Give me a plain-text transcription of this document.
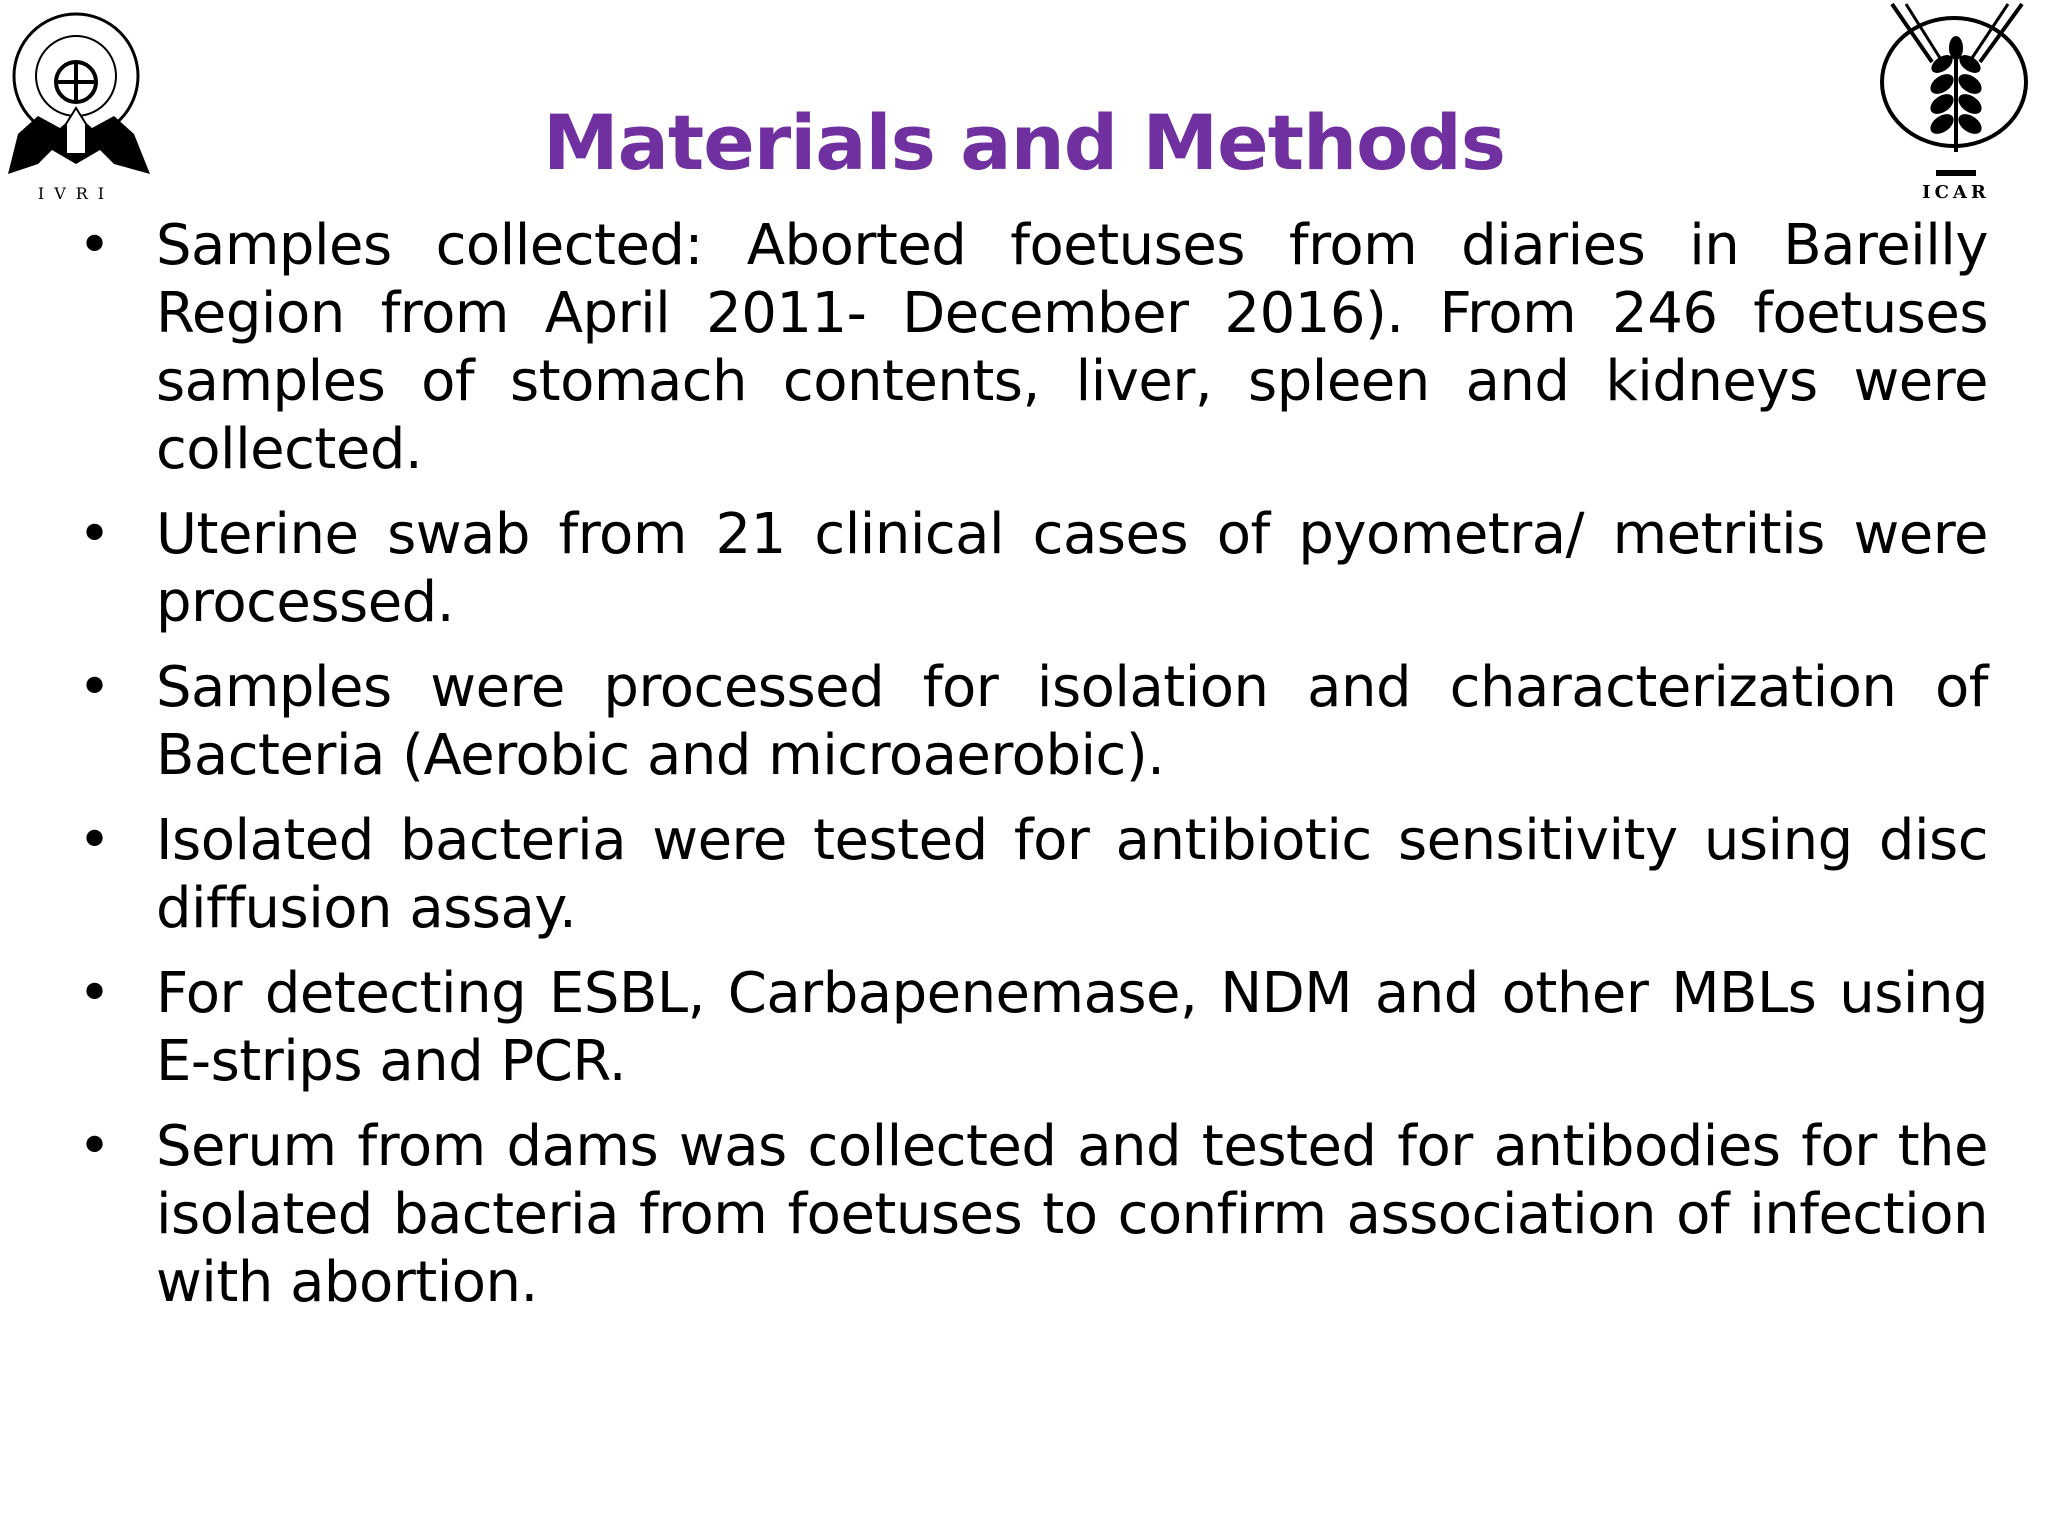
IVRI	ICAR
Materials and Methods
• Samples collected: Aborted foetuses from diaries in Bareilly Region from April 2011- December 2016). From 246 foetuses samples of stomach contents, liver, spleen and kidneys were collected.
• Uterine swab from 21 clinical cases of pyometra/ metritis were processed.
• Samples were processed for isolation and characterization of Bacteria (Aerobic and microaerobic).
• Isolated bacteria were tested for antibiotic sensitivity using disc diffusion assay.
• For detecting ESBL, Carbapenemase, NDM and other MBLs using E-strips and PCR.
• Serum from dams was collected and tested for antibodies for the isolated bacteria from foetuses to confirm association of infection with abortion.
